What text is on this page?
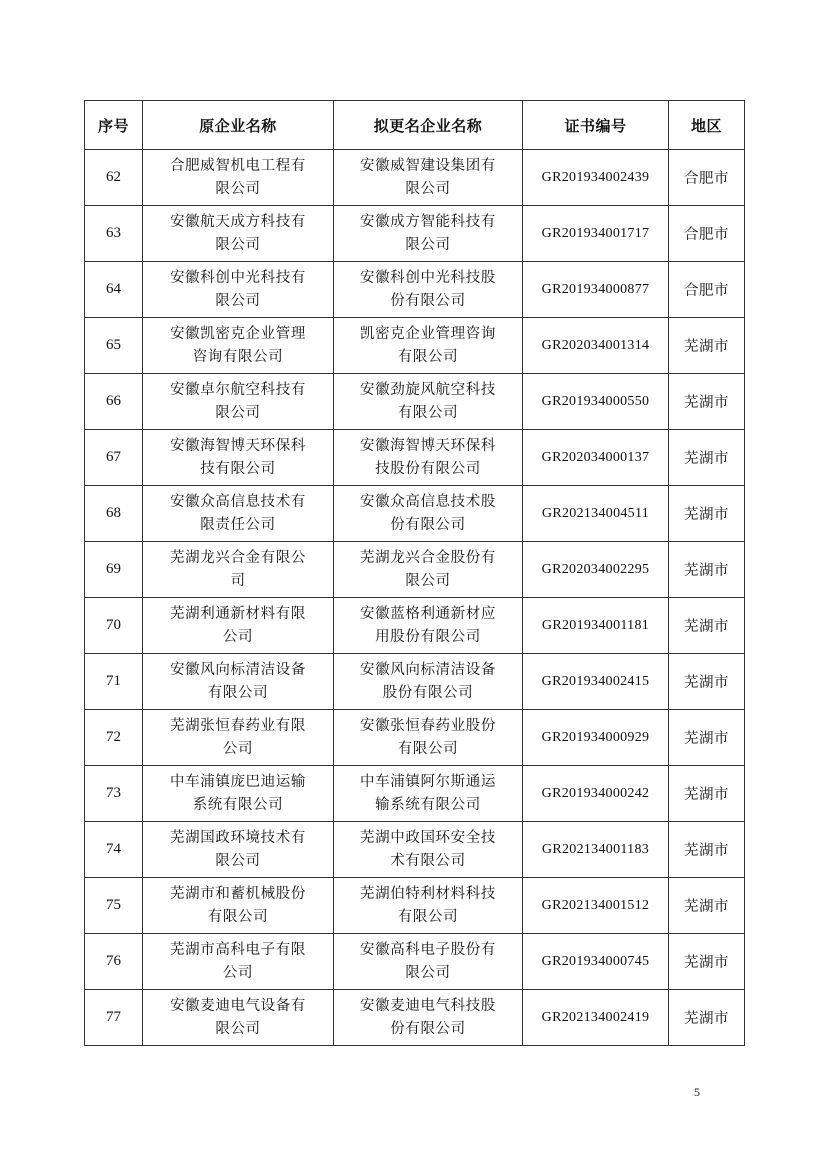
序号	原企业名称	拟更名企业名称	证书编号	地区
62	合肥威智机电工程有限公司	安徽威智建设集团有限公司	GR201934002439	合肥市
63	安徽航天成方科技有限公司	安徽成方智能科技有限公司	GR201934001717	合肥市
64	安徽科创中光科技有限公司	安徽科创中光科技股份有限公司	GR201934000877	合肥市
65	安徽凯密克企业管理咨询有限公司	凯密克企业管理咨询有限公司	GR202034001314	芜湖市
66	安徽卓尔航空科技有限公司	安徽劲旋风航空科技有限公司	GR201934000550	芜湖市
67	安徽海智博天环保科技有限公司	安徽海智博天环保科技股份有限公司	GR202034000137	芜湖市
68	安徽众高信息技术有限责任公司	安徽众高信息技术股份有限公司	GR202134004511	芜湖市
69	芜湖龙兴合金有限公司	芜湖龙兴合金股份有限公司	GR202034002295	芜湖市
70	芜湖利通新材料有限公司	安徽蓝格利通新材应用股份有限公司	GR201934001181	芜湖市
71	安徽风向标清洁设备有限公司	安徽风向标清洁设备股份有限公司	GR201934002415	芜湖市
72	芜湖张恒春药业有限公司	安徽张恒春药业股份有限公司	GR201934000929	芜湖市
73	中车浦镇庞巴迪运输系统有限公司	中车浦镇阿尔斯通运输系统有限公司	GR201934000242	芜湖市
74	芜湖国政环境技术有限公司	芜湖中政国环安全技术有限公司	GR202134001183	芜湖市
75	芜湖市和蓄机械股份有限公司	芜湖伯特利材料科技有限公司	GR202134001512	芜湖市
76	芜湖市高科电子有限公司	安徽高科电子股份有限公司	GR201934000745	芜湖市
77	安徽麦迪电气设备有限公司	安徽麦迪电气科技股份有限公司	GR202134002419	芜湖市
5
